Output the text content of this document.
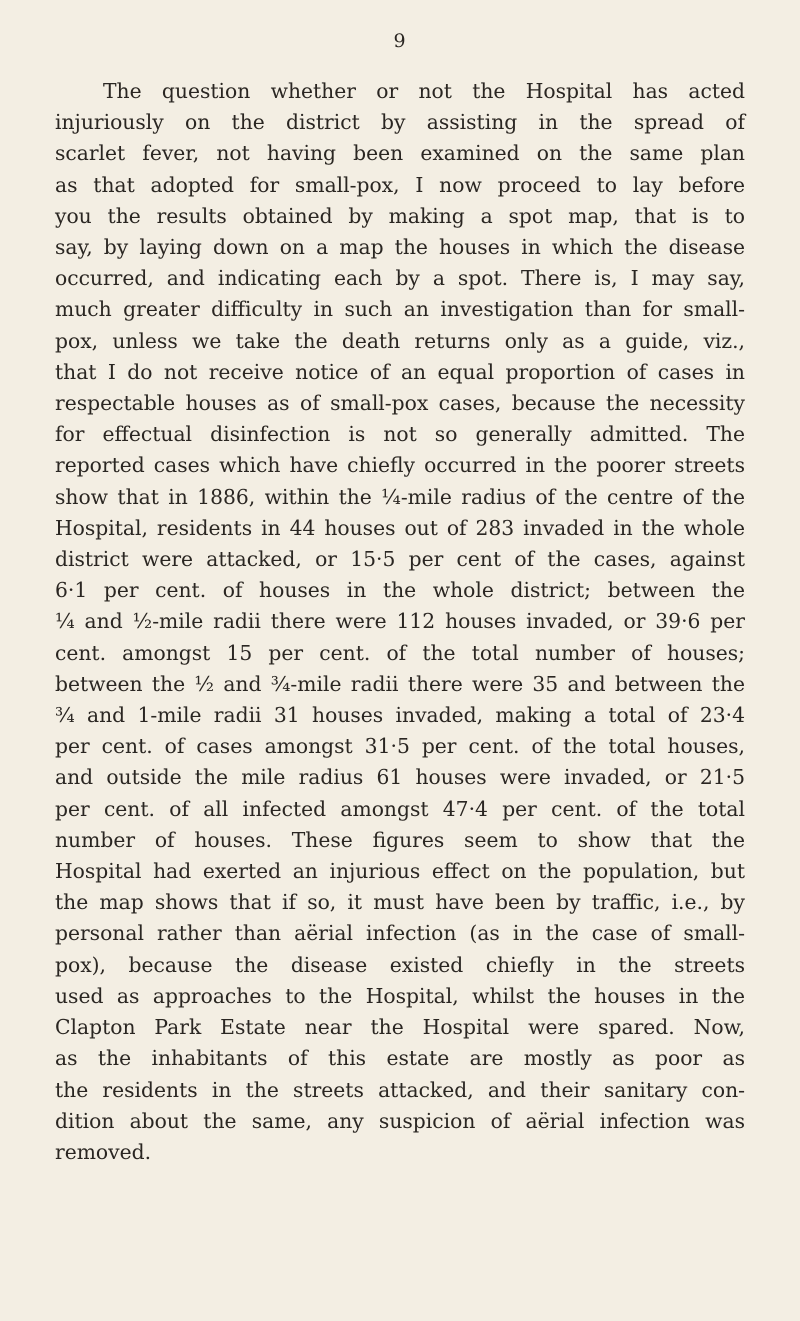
9

The question whether or not the Hospital has acted
injuriously on the district by assisting in the spread of
scarlet fever, not having been examined on the same plan
as that adopted for small-pox, I now proceed to lay before
you the results obtained by making a spot map, that is to
say, by laying down on a map the houses in which the disease
occurred, and indicating each by a spot. There is, I may say,
much greater difficulty in such an investigation than for small-
pox, unless we take the death returns only as a guide, viz.,
that I do not receive notice of an equal proportion of cases in
respectable houses as of small-pox cases, because the necessity
for effectual disinfection is not so generally admitted. The
reported cases which have chiefly occurred in the poorer streets
show that in 1886, within the ¼-mile radius of the centre of the
Hospital, residents in 44 houses out of 283 invaded in the whole
district were attacked, or 15·5 per cent of the cases, against
6·1 per cent. of houses in the whole district; between the
¼ and ½-mile radii there were 112 houses invaded, or 39·6 per
cent. amongst 15 per cent. of the total number of houses;
between the ½ and ¾-mile radii there were 35 and between the
¾ and 1-mile radii 31 houses invaded, making a total of 23·4
per cent. of cases amongst 31·5 per cent. of the total houses,
and outside the mile radius 61 houses were invaded, or 21·5
per cent. of all infected amongst 47·4 per cent. of the total
number of houses. These figures seem to show that the
Hospital had exerted an injurious effect on the population, but
the map shows that if so, it must have been by traffic, i.e., by
personal rather than aërial infection (as in the case of small-
pox), because the disease existed chiefly in the streets
used as approaches to the Hospital, whilst the houses in the
Clapton Park Estate near the Hospital were spared. Now,
as the inhabitants of this estate are mostly as poor as
the residents in the streets attacked, and their sanitary con-
dition about the same, any suspicion of aërial infection was
removed.
